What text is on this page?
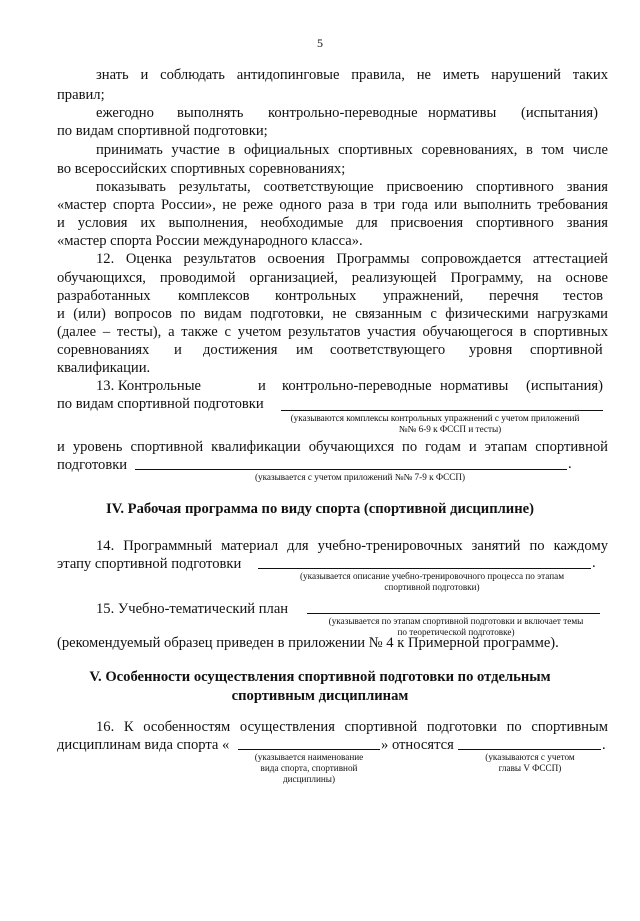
5
знать и соблюдать антидопинговые правила, не иметь нарушений таких
правил;
ежегодно выполнять контрольно-переводные нормативы (испытания)
по видам спортивной подготовки;
принимать участие в официальных спортивных соревнованиях, в том числе
во всероссийских спортивных соревнованиях;
показывать результаты, соответствующие присвоению спортивного звания
«мастер спорта России», не реже одного раза в три года или выполнить требования
и условия их выполнения, необходимые для присвоения спортивного звания
«мастер спорта России международного класса».
12. Оценка результатов освоения Программы сопровождается аттестацией
обучающихся, проводимой организацией, реализующей Программу, на основе
разработанных комплексов контрольных упражнений, перечня тестов
и (или) вопросов по видам подготовки, не связанным с физическими нагрузками
(далее – тесты), а также с учетом результатов участия обучающегося в спортивных
соревнованиях и достижения им соответствующего уровня спортивной
квалификации.
13. Контрольные	и контрольно-переводные нормативы (испытания)
по видам спортивной подготовки
(указываются комплексы контрольных упражнений с учетом приложений
№№ 6-9 к ФССП и тесты)
и уровень спортивной квалификации обучающихся по годам и этапам спортивной
подготовки	.
(указывается с учетом приложений №№ 7-9 к ФССП)
IV. Рабочая программа по виду спорта (спортивной дисциплине)
14. Программный материал для учебно-тренировочных занятий по каждому
этапу спортивной подготовки	.
(указывается описание учебно-тренировочного процесса по этапам
спортивной подготовки)
15. Учебно-тематический план
(указывается по этапам спортивной подготовки и включает темы
по теоретической подготовке)
(рекомендуемый образец приведен в приложении № 4 к Примерной программе).
V. Особенности осуществления спортивной подготовки по отдельным
спортивным дисциплинам
16. К особенностям осуществления спортивной подготовки по спортивным
дисциплинам вида спорта «	» относятся	.
(указывается наименование
вида спорта, спортивной
дисциплины)
(указываются с учетом
главы V ФССП)
